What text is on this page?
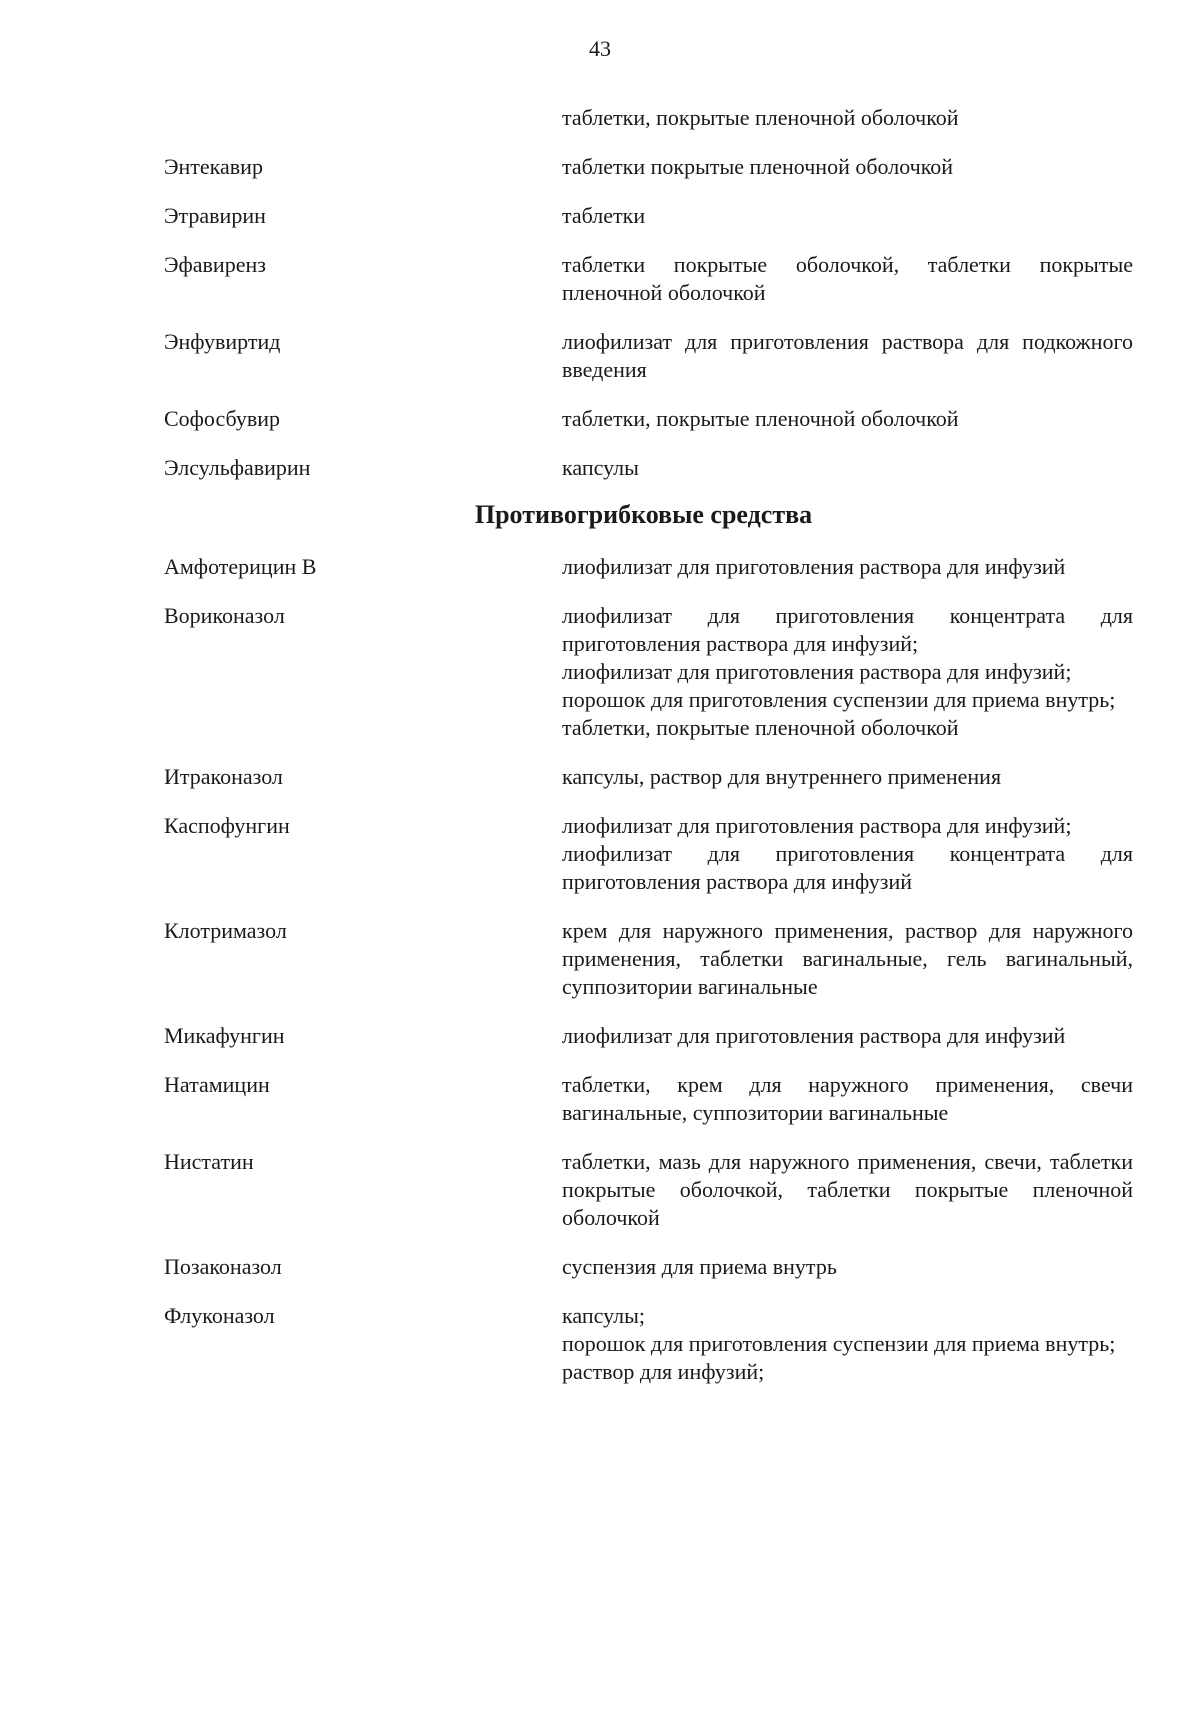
43
таблетки, покрытые пленочной оболочкой
Энтекавир	таблетки покрытые пленочной оболочкой
Этравирин	таблетки
Эфавиренз	таблетки покрытые оболочкой, таблетки покрытые пленочной оболочкой
Энфувиртид	лиофилизат для приготовления раствора для подкожного введения
Софосбувир	таблетки, покрытые пленочной оболочкой
Элсульфавирин	капсулы
Противогрибковые средства
Амфотерицин В	лиофилизат для приготовления раствора для инфузий
Вориконазол	лиофилизат для приготовления концентрата для приготовления раствора для инфузий;
лиофилизат для приготовления раствора для инфузий;
порошок для приготовления суспензии для приема внутрь;
таблетки, покрытые пленочной оболочкой
Итраконазол	капсулы, раствор для внутреннего применения
Каспофунгин	лиофилизат для приготовления раствора для инфузий;
лиофилизат для приготовления концентрата для приготовления раствора для инфузий
Клотримазол	крем для наружного применения, раствор для наружного применения, таблетки вагинальные, гель вагинальный, суппозитории вагинальные
Микафунгин	лиофилизат для приготовления раствора для инфузий
Натамицин	таблетки, крем для наружного применения, свечи вагинальные, суппозитории вагинальные
Нистатин	таблетки, мазь для наружного применения, свечи, таблетки покрытые оболочкой, таблетки покрытые пленочной оболочкой
Позаконазол	суспензия для приема внутрь
Флуконазол	капсулы;
порошок для приготовления суспензии для приема внутрь;
раствор для инфузий;
